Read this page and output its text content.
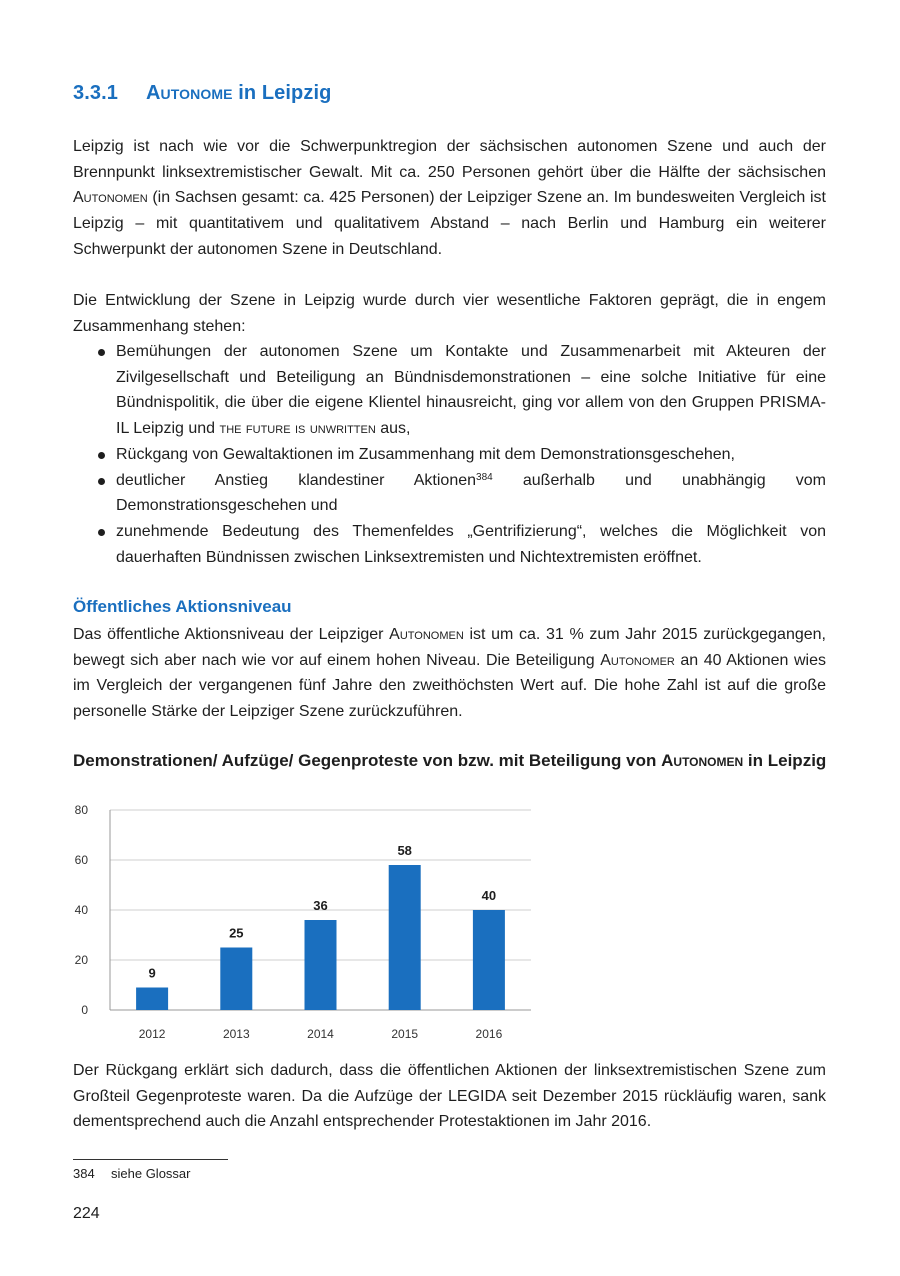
3.3.1 Autonome in Leipzig

Leipzig ist nach wie vor die Schwerpunktregion der sächsischen autonomen Szene und auch der Brennpunkt linksextremistischer Gewalt. Mit ca. 250 Personen gehört über die Hälfte der sächsischen Autonomen (in Sachsen gesamt: ca. 425 Personen) der Leipziger Szene an. Im bundesweiten Vergleich ist Leipzig – mit quantitativem und qualitativem Abstand – nach Berlin und Hamburg ein weiterer Schwerpunkt der autonomen Szene in Deutschland.

Die Entwicklung der Szene in Leipzig wurde durch vier wesentliche Faktoren geprägt, die in engem Zusammenhang stehen:

Bemühungen der autonomen Szene um Kontakte und Zusammenarbeit mit Akteuren der Zivilgesellschaft und Beteiligung an Bündnisdemonstrationen – eine solche Initiative für eine Bündnispolitik, die über die eigene Klientel hinausreicht, ging vor allem von den Gruppen PRISMA-IL Leipzig und the future is unwritten aus,
Rückgang von Gewaltaktionen im Zusammenhang mit dem Demonstrationsgeschehen,
deutlicher Anstieg klandestiner Aktionen$^{384}$ außerhalb und unabhängig vom Demonstrationsgeschehen und
zunehmende Bedeutung des Themenfeldes „Gentrifizierung“, welches die Möglichkeit von dauerhaften Bündnissen zwischen Linksextremisten und Nichtextremisten eröffnet.
Öffentliches Aktionsniveau

Das öffentliche Aktionsniveau der Leipziger Autonomen ist um ca. 31 % zum Jahr 2015 zurückgegangen, bewegt sich aber nach wie vor auf einem hohen Niveau. Die Beteiligung Autonomer an 40 Aktionen wies im Vergleich der vergangenen fünf Jahre den zweithöchsten Wert auf. Die hohe Zahl ist auf die große personelle Stärke der Leipziger Szene zurückzuführen.

Demonstrationen/ Aufzüge/ Gegenproteste von bzw. mit Beteiligung von Autonomen in Leipzig
0
20
40
60
80
9
2012
25
2013
36
2014
58
2015
40
2016

Der Rückgang erklärt sich dadurch, dass die öffentlichen Aktionen der linksextremistischen Szene zum Großteil Gegenproteste waren. Da die Aufzüge der LEGIDA seit Dezember 2015 rückläufig waren, sank dementsprechend auch die Anzahl entsprechender Protestaktionen im Jahr 2016.

384 siehe Glossar
224
